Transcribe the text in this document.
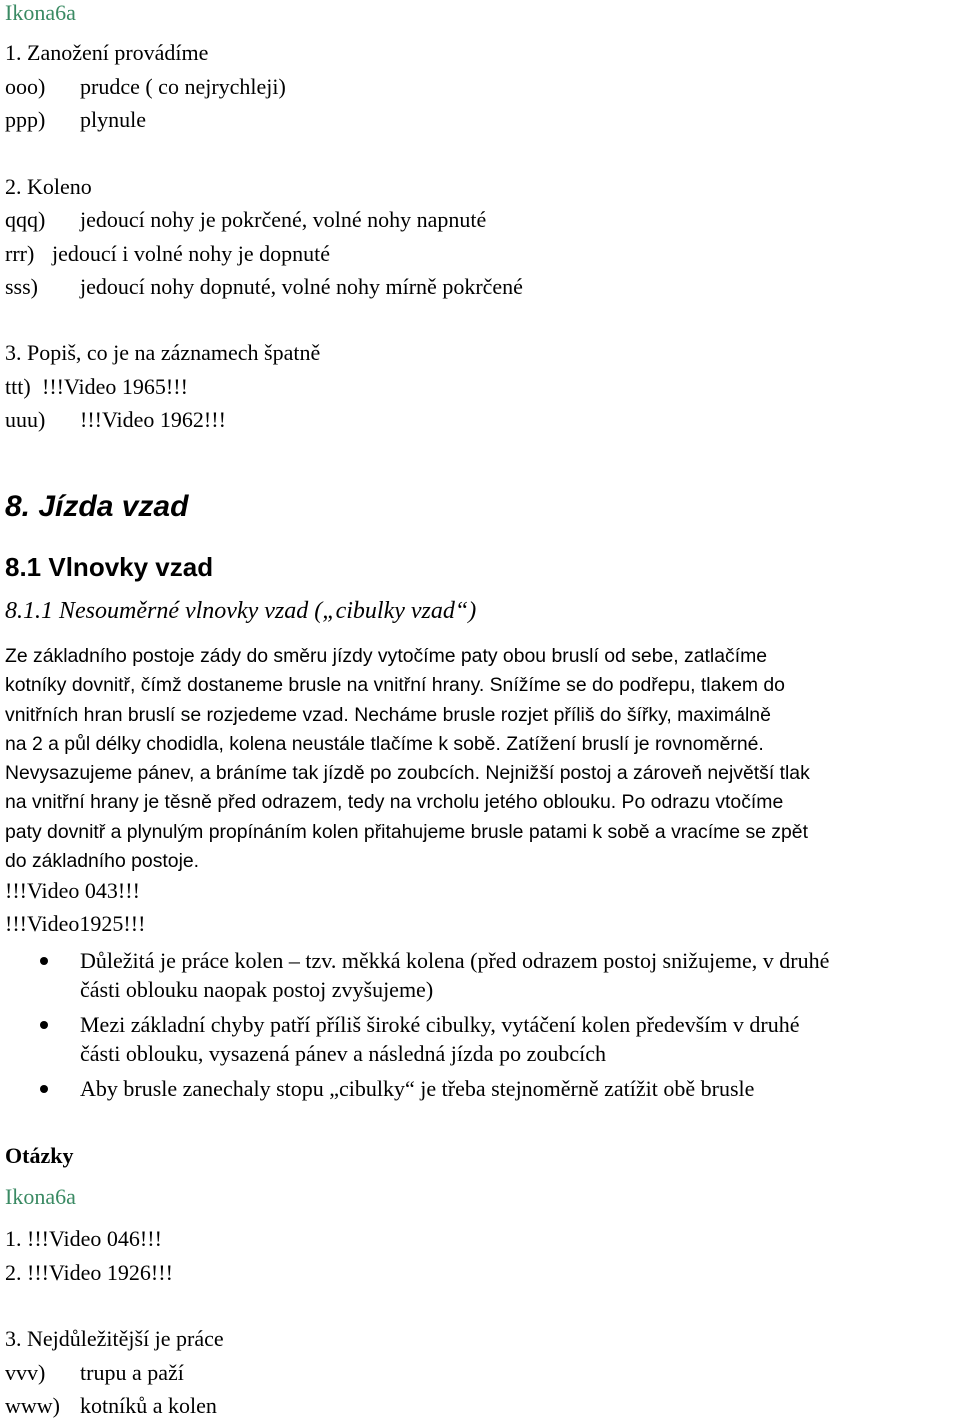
Ikona6a
1. Zanožení provádíme
ooo) prudce ( co nejrychleji)
ppp) plynule
2. Koleno
qqq) jedoucí nohy je pokrčené, volné nohy napnuté
rrr) jedoucí i volné nohy je dopnuté
sss) jedoucí nohy dopnuté, volné nohy mírně pokrčené
3. Popiš, co je na záznamech špatně
ttt) !!!Video 1965!!!
uuu) !!!Video 1962!!!
8. Jízda vzad
8.1 Vlnovky vzad
8.1.1 Nesouměrné vlnovky vzad („cibulky vzad“)
Ze základního postoje zády do směru jízdy vytočíme paty obou bruslí od sebe, zatlačíme
kotníky dovnitř, čímž dostaneme brusle na vnitřní hrany. Snížíme se do podřepu, tlakem do
vnitřních hran bruslí se rozjedeme vzad. Necháme brusle rozjet příliš do šířky, maximálně
na 2 a půl délky chodidla, kolena neustále tlačíme k sobě. Zatížení bruslí je rovnoměrné.
Nevysazujeme pánev, a bráníme tak jízdě po zoubcích. Nejnižší postoj a zároveň největší tlak
na vnitřní hrany je těsně před odrazem, tedy na vrcholu jetého oblouku. Po odrazu vtočíme
paty dovnitř a plynulým propínáním kolen přitahujeme brusle patami k sobě a vracíme se zpět
do základního postoje.
!!!Video 043!!!
!!!Video1925!!!
Důležitá je práce kolen – tzv. měkká kolena (před odrazem postoj snižujeme, v druhé
části oblouku naopak postoj zvyšujeme)
Mezi základní chyby patří příliš široké cibulky, vytáčení kolen především v druhé
části oblouku, vysazená pánev a následná jízda po zoubcích
Aby brusle zanechaly stopu „cibulky“ je třeba stejnoměrně zatížit obě brusle
Otázky
Ikona6a
1. !!!Video 046!!!
2. !!!Video 1926!!!
3. Nejdůležitější je práce
vvv) trupu a paží
www) kotníků a kolen
